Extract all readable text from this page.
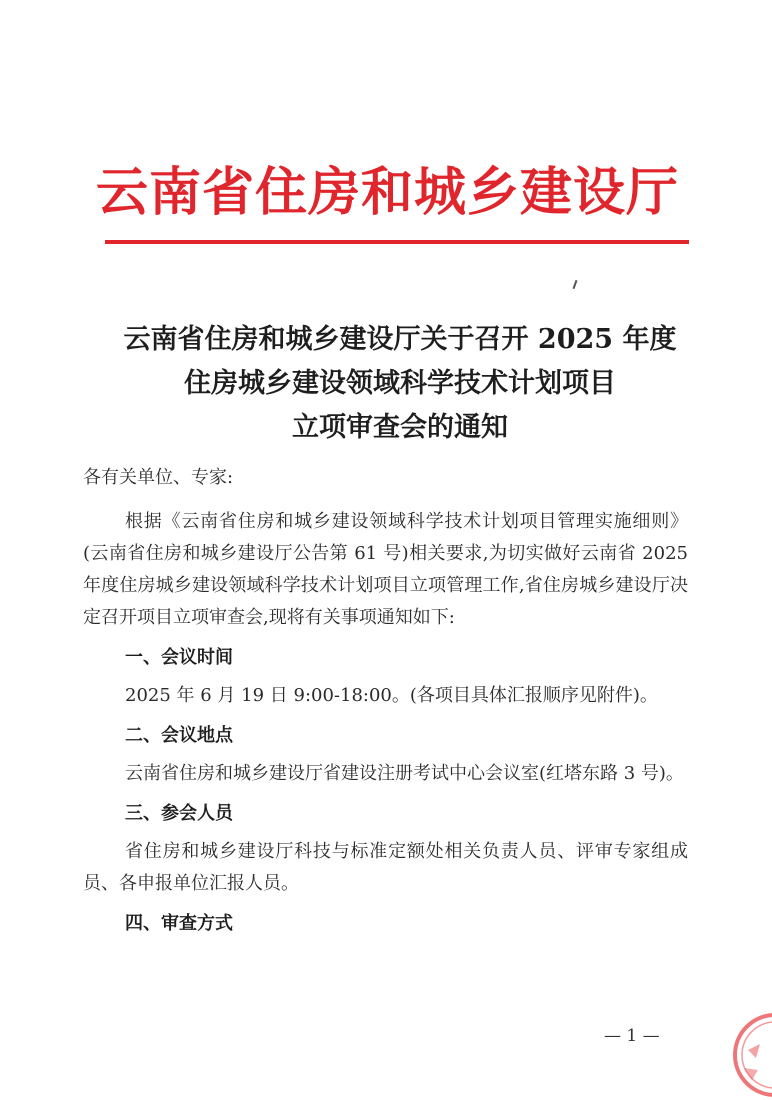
云南省住房和城乡建设厅
云南省住房和城乡建设厅关于召开 2025 年度
住房城乡建设领域科学技术计划项目
立项审查会的通知

各有关单位、专家:

根据《云南省住房和城乡建设领域科学技术计划项目管理实施细则》(云南省住房和城乡建设厅公告第 61 号)相关要求,为切实做好云南省 2025 年度住房城乡建设领域科学技术计划项目立项管理工作,省住房城乡建设厅决定召开项目立项审查会,现将有关事项通知如下:

一、会议时间

2025 年 6 月 19 日 9:00-18:00。(各项目具体汇报顺序见附件)。

二、会议地点

云南省住房和城乡建设厅省建设注册考试中心会议室(红塔东路 3 号)。

三、参会人员

省住房和城乡建设厅科技与标准定额处相关负责人员、评审专家组成员、各申报单位汇报人员。

四、审查方式
— 1 —
